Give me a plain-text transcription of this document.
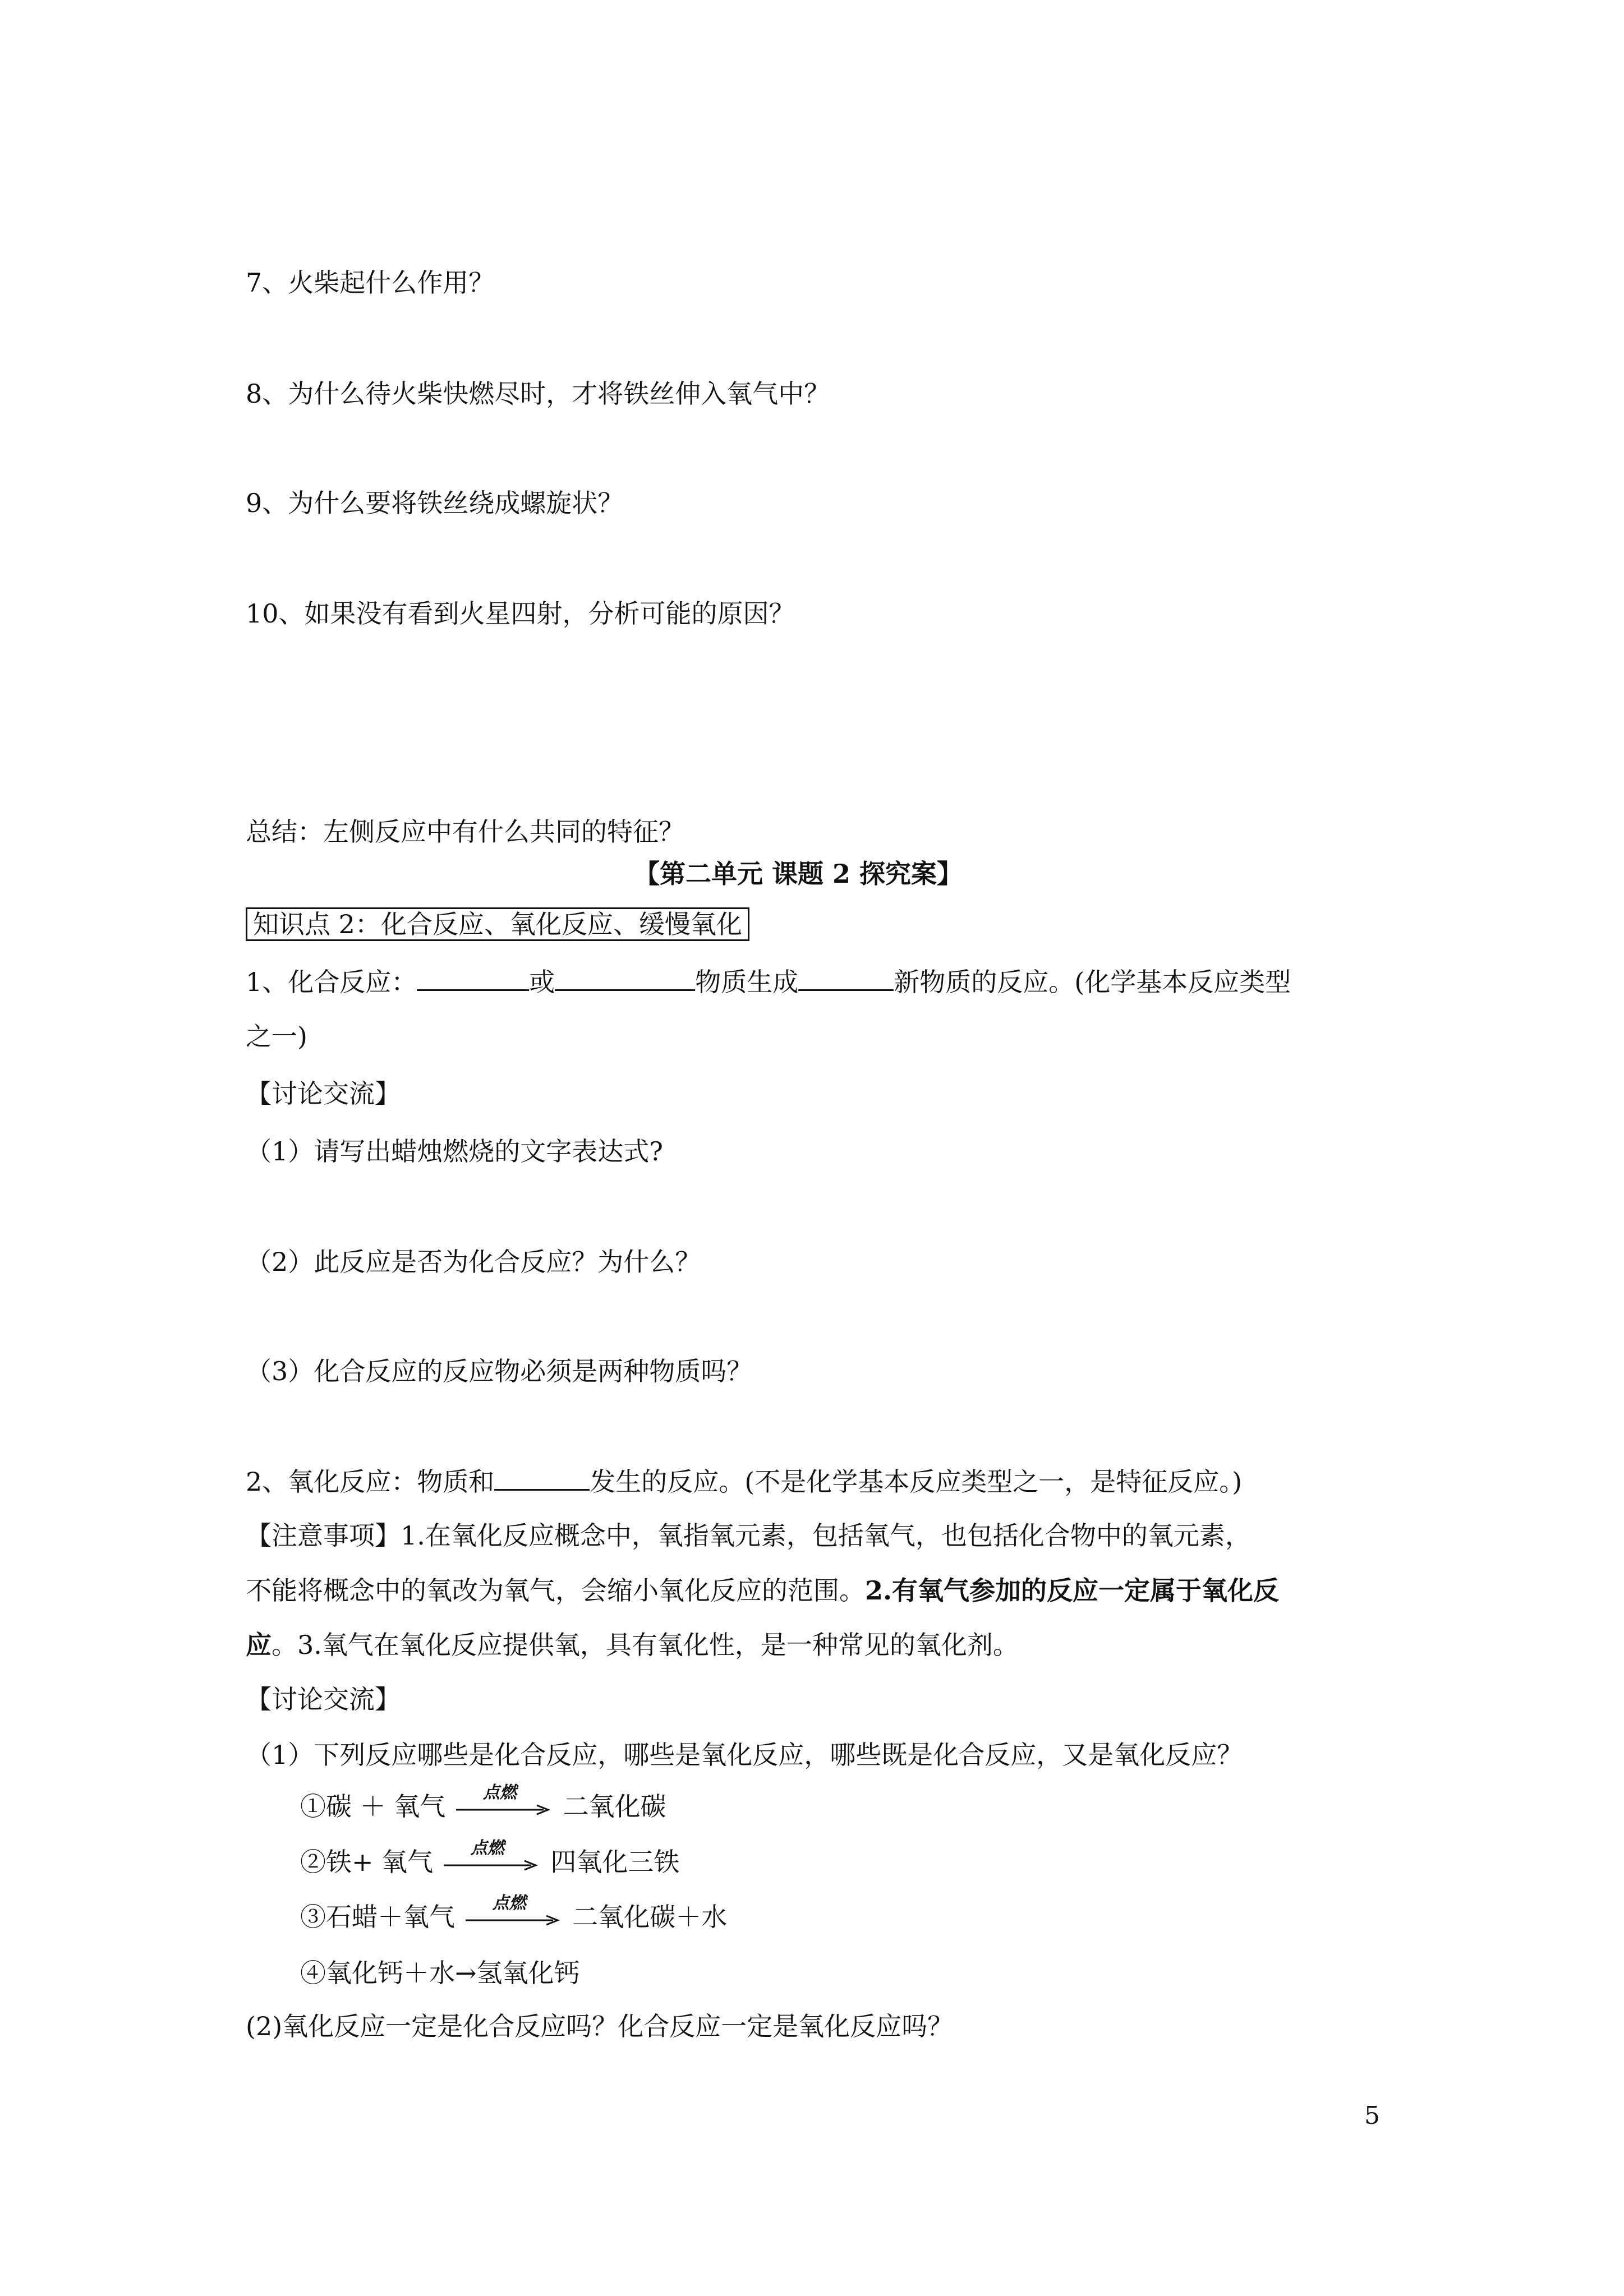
7、火柴起什么作用？
8、为什么待火柴快燃尽时，才将铁丝伸入氧气中？
9、为什么要将铁丝绕成螺旋状？
10、如果没有看到火星四射，分析可能的原因？
总结：左侧反应中有什么共同的特征？
【第二单元 课题 2 探究案】
知识点 2：化合反应、氧化反应、缓慢氧化
1、化合反应：	或	物质生成	新物质的反应。(化学基本反应类型
之一)
【讨论交流】
（1）请写出蜡烛燃烧的文字表达式?
（2）此反应是否为化合反应？为什么？
（3）化合反应的反应物必须是两种物质吗？
2、氧化反应：物质和	发生的反应。(不是化学基本反应类型之一，是特征反应。)
【注意事项】1.在氧化反应概念中，氧指氧元素，包括氧气，也包括化合物中的氧元素，
不能将概念中的氧改为氧气，会缩小氧化反应的范围。2.有氧气参加的反应一定属于氧化反
应。3.氧气在氧化反应提供氧，具有氧化性，是一种常见的氧化剂。
【讨论交流】
（1）下列反应哪些是化合反应，哪些是氧化反应，哪些既是化合反应，又是氧化反应？
①碳 ＋ 氧气 点燃 二氧化碳
②铁+ 氧气 点燃 四氧化三铁
③石蜡＋氧气 点燃 二氧化碳＋水
④氧化钙＋水→氢氧化钙
(2)氧化反应一定是化合反应吗？化合反应一定是氧化反应吗？
5
